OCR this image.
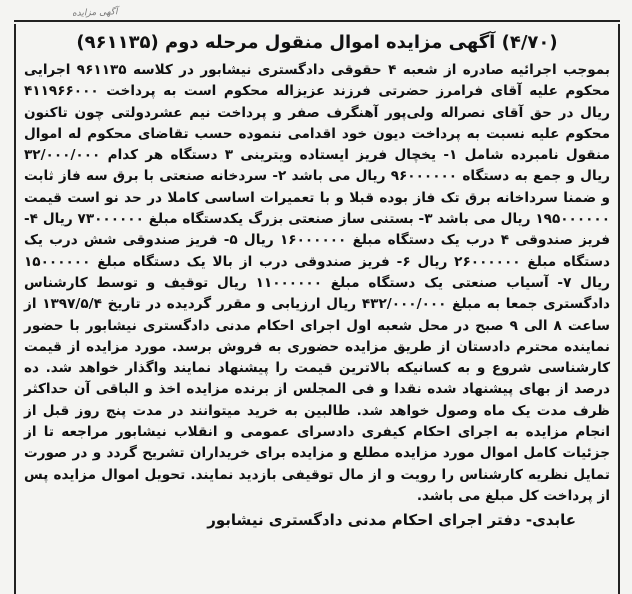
آگهی مزایده
(۴/۷۰) آگهی مزایده اموال منقول مرحله دوم (۹۶۱۱۳۵)

بموجب اجرائیه صادره از شعبه ۴ حقوقی دادگستری نیشابور در کلاسه ۹۶۱۱۳۵ اجرایی محکوم علیه آقای فرامرز حضرتی فرزند عزیزاله محکوم است به پرداخت ۴۱۱۹۶۶۰۰۰ ریال در حق آقای نصراله ولی‌پور آهنگرف صفر و پرداخت نیم عشردولتی چون تاکنون محکوم علیه نسبت به پرداخت دیون خود اقدامی ننموده حسب تقاضای محکوم له اموال منقول نامبرده شامل ۱- یخچال فریز ایستاده ویترینی ۳ دستگاه هر کدام ۳۲/۰۰۰/۰۰۰ ریال و جمع به دستگاه ۹۶۰۰۰۰۰۰ ریال می باشد ۲- سردخانه صنعتی با برق سه فاز ثابت و ضمنا سرداخانه برق تک فاز بوده قبلا و با تعمیرات اساسی کاملا در حد نو است قیمت ۱۹۵۰۰۰۰۰۰ ریال می باشد ۳- بستنی ساز صنعتی بزرگ یکدستگاه مبلغ ۷۳۰۰۰۰۰۰ ریال ۴- فریز صندوقی ۴ درب یک دستگاه مبلغ ۱۶۰۰۰۰۰۰ ریال ۵- فریز صندوقی شش درب یک دستگاه مبلغ ۲۶۰۰۰۰۰۰ ریال ۶- فریز صندوقی درب از بالا یک دستگاه مبلغ ۱۵۰۰۰۰۰۰ ریال ۷- آسیاب صنعتی یک دستگاه مبلغ ۱۱۰۰۰۰۰۰ ریال توقیف و توسط کارشناس دادگستری جمعا به مبلغ ۴۳۲/۰۰۰/۰۰۰ ریال ارزیابی و مقرر گردیده در تاریخ ۱۳۹۷/۵/۴ از ساعت ۸ الی ۹ صبح در محل شعبه اول اجرای احکام مدنی دادگستری نیشابور با حضور نماینده محترم دادستان از طریق مزایده حضوری به فروش برسد. مورد مزایده از قیمت کارشناسی شروع و به کسانیکه بالاترین قیمت را پیشنهاد نمایند واگذار خواهد شد. ده درصد از بهای پیشنهاد شده نقدا و فی المجلس از برنده مزایده اخذ و الباقی آن حداکثر ظرف مدت یک ماه وصول خواهد شد. طالبین به خرید میتوانند در مدت پنج روز قبل از انجام مزایده به اجرای احکام کیفری دادسرای عمومی و انقلاب نیشابور مراجعه تا از جزئیات کامل اموال مورد مزایده مطلع و مزایده برای خریداران تشریح گردد و در صورت تمایل نظریه کارشناس را رویت و از مال توقیفی بازدید نمایند. تحویل اموال مزایده پس از پرداخت کل مبلغ می باشد.

عابدی- دفتر اجرای احکام مدنی دادگستری نیشابور
